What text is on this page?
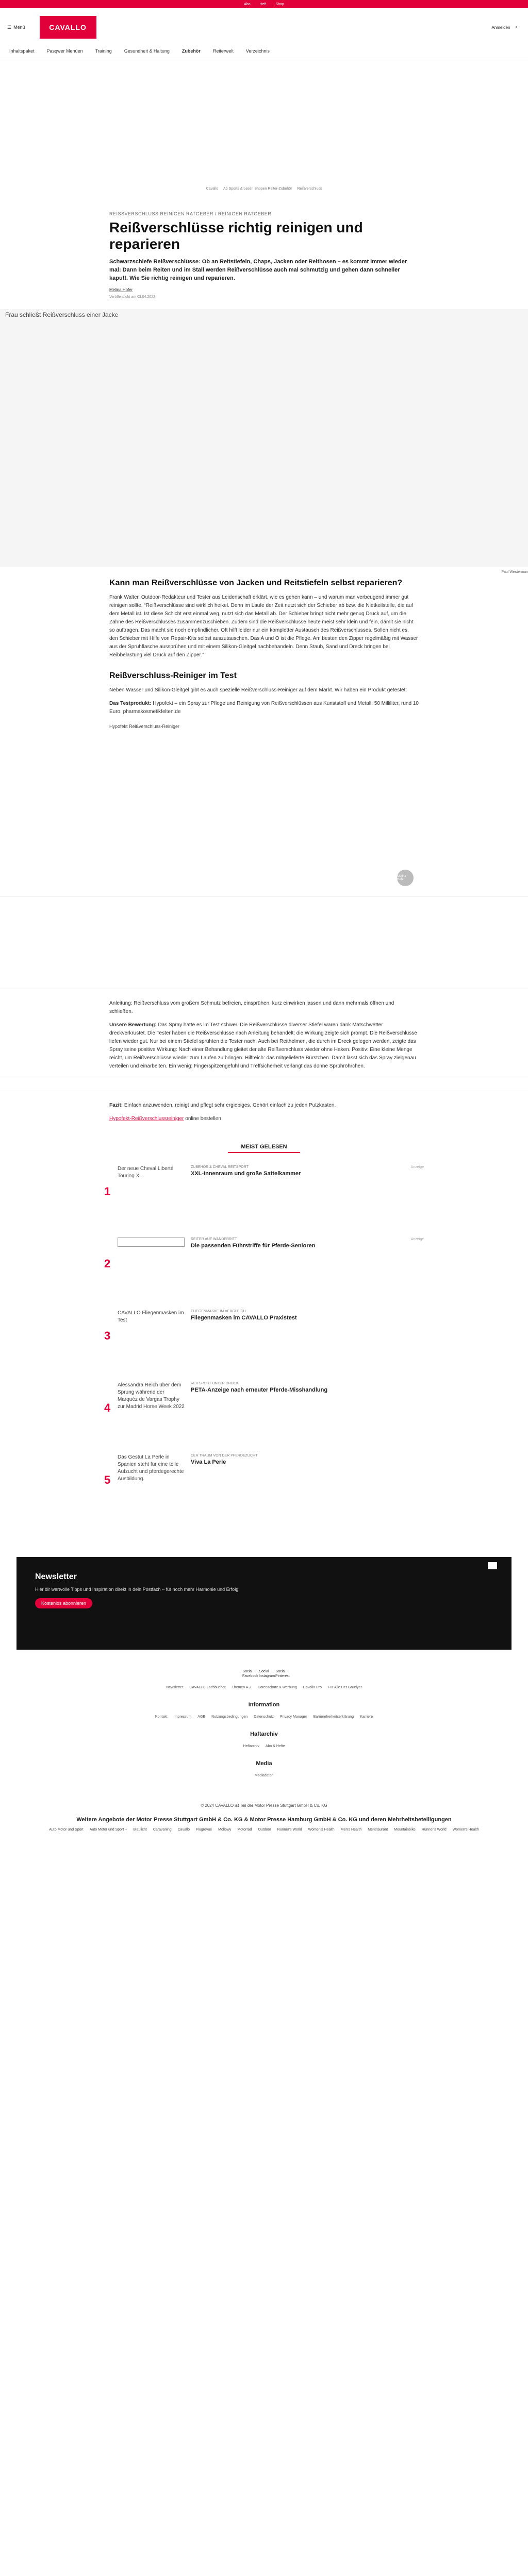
Abo	Heft	Shop
☰ Menü	CAVALLO	Anmelden ⌕
Inhaltspaket	Pasqwer Menüen	Training	Gesundheit & Haltung	Zubehör	Reiterwelt	Verzeichnis
Cavallo Ab Sports & Lesen Shopen Reiter-Zubehör Reißverschluss
REISSVERSCHLUSS REINIGEN RATGEBER / REINIGEN RATGEBER
Reißverschlüsse richtig reinigen und reparieren
Schwarzschiefe Reißverschlüsse: Ob an Reitstiefeln, Chaps, Jacken oder Reithosen – es kommt immer wieder mal: Dann beim Reiten und im Stall werden Reißverschlüsse auch mal schmutzig und gehen dann schneller kaputt. Wie Sie richtig reinigen und reparieren.
Melina Hofer
Veröffentlicht am 03.04.2022
Frau schließt Reißverschluss einer Jacke
Paul Westerman
Kann man Reißverschlüsse von Jacken und Reitstiefeln selbst reparieren?

Frank Walter, Outdoor-Redakteur und Tester aus Leidenschaft erklärt, wie es gehen kann – und warum man verbeugend immer gut reinigen sollte. “Reißverschlüsse sind wirklich heikel. Denn im Laufe der Zeit nutzt sich der Schieber ab bzw. die Nietkeilstelle, die auf dem Metall ist. Ist diese Schicht erst einmal weg, nutzt sich das Metall ab. Der Schieber bringt nicht mehr genug Druck auf, um die Zähne des Reißverschlusses zusammenzuschieben. Zudem sind die Reißverschlüsse heute meist sehr klein und fein, damit sie nicht so auftragen. Das macht sie noch empfindlicher. Oft hilft leider nur ein kompletter Austausch des Reißverschlusses. Sollen nicht es, den Schieber mit Hilfe von Repair-Kits selbst auszutauschen. Das A und O ist die Pflege. Am besten den Zipper regelmäßig mit Wasser aus der Sprühflasche aussprühen und mit einem Silikon-Gleitgel nachbehandeln. Denn Staub, Sand und Dreck bringen bei Reibbelastung viel Druck auf den Zipper.”

Reißverschluss-Reiniger im Test

Neben Wasser und Silikon-Gleitgel gibt es auch spezielle Reißverschluss-Reiniger auf dem Markt. Wir haben ein Produkt getestet:

Das Testprodukt: Hypofekt – ein Spray zur Pflege und Reinigung von Reißverschlüssen aus Kunststoff und Metall. 50 Milliliter, rund 10 Euro. pharmakosmetikfelten.de

Hypofekt Reißverschluss-Reiniger
Melina Hofer

Anleitung: Reißverschluss vom großem Schmutz befreien, einsprühen, kurz einwirken lassen und dann mehrmals öffnen und schließen.

Unsere Bewertung: Das Spray hatte es im Test schwer. Die Reißverschlüsse diverser Stiefel waren dank Matschwetter dreckverkrustet. Die Tester haben die Reißverschlüsse nach Anleitung behandelt; die Wirkung zeigte sich prompt. Die Reißverschlüsse liefen wieder gut. Nur bei einem Stiefel sprühten die Tester nach. Auch bei Reithelmen, die durch im Dreck gelegen werden, zeigte das Spray seine positive Wirkung: Nach einer Behandlung gleitet der alte Reißverschluss wieder ohne Haken. Positiv: Eine kleine Menge reicht, um Reißverschlüsse wieder zum Laufen zu bringen. Hilfreich: das mitgelieferte Bürstchen. Damit lässt sich das Spray zielgenau verteilen und einarbeiten. Ein wenig: Fingerspitzengefühl und Treffsicherheit verlangt das dünne Sprühröhrchen.

Fazit: Einfach anzuwenden, reinigt und pflegt sehr ergiebiges. Gehört einfach zu jeden Putzkasten.

Hypofekt-Reißverschlussreiniger online bestellen

MEIST GELESEN
1
Der neue Cheval Liberté Touring XL
ZUBEHÖR & CHEVAL REITSPORT
XXL-Innenraum und große Sattelkammer
Anzeige
2
REITER AUF WANDERRITT
Die passenden Führstriffe für Pferde-Senioren
Anzeige
3
CAVALLO Fliegenmasken im Test
FLIEGENMASKE IM VERGLEICH
Fliegenmasken im CAVALLO Praxistest
4
Alessandra Reich über dem Sprung während der Marquéz de Vargas Trophy zur Madrid Horse Week 2022
REITSPORT UNTER DRUCK
PETA-Anzeige nach erneuter Pferde-Misshandlung
5
Das Gestüt La Perle in Spanien steht für eine tolle Aufzucht und pferdegerechte Ausbildung.
DER TRAUM VON DER PFERDEZUCHT
Viva La Perle
Newsletter
Hier dir wertvolle Tipps und Inspiration direkt in dein Postfach – für noch mehr Harmonie und Erfolg!
Kostenlos abonnieren
Social Facebook
Social Instagram
Social Pinterest
Newsletter CAVALLO Fachbücher Themen A-Z Datenschutz & Werbung Cavallo Pro Fur Alle Der Goudyer
Information
Kontakt Impressum AGB Nutzungsbedingungen Datenschutz Privacy Manager Barrierefreiheitserklärung Karriere
Haftarchiv
Heftarchiv Abo & Hefte
Media
Mediadaten
© 2024 CAVALLO ist Teil der Motor Presse Stuttgart GmbH & Co. KG
Weitere Angebote der Motor Presse Stuttgart GmbH & Co. KG & Motor Presse Hamburg GmbH & Co. KG und deren Mehrheitsbeteiligungen
Auto Motor und Sport Auto Motor und Sport + Blaulicht Caravaning Cavallo Flugrevue Mollowy Motorrad Outdoor Runner's World Women's Health Men's Health Menstaurant Mountainbike Runner's World Women's Health
